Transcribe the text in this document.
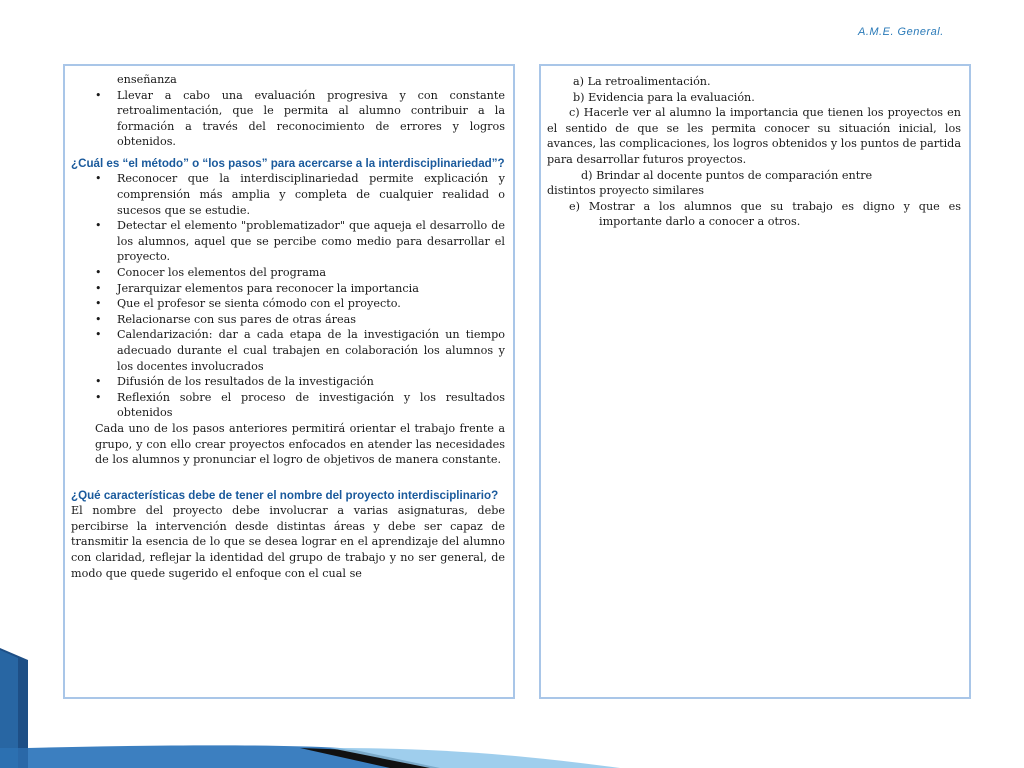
A.M.E. General.

enseñanza

• Llevar a cabo una evaluación progresiva y con constante retroalimentación, que le permita al alumno contribuir a la formación a través del reconocimiento de errores y logros obtenidos.
¿Cuál es “el método” o “los pasos” para acercarse a la interdisciplinariedad”?
• Reconocer que la interdisciplinariedad permite explicación y comprensión más amplia y completa de cualquier realidad o sucesos que se estudie.
• Detectar el elemento "problematizador" que aqueja el desarrollo de los alumnos, aquel que se percibe como medio para desarrollar el proyecto.
• Conocer los elementos del programa
• Jerarquizar elementos para reconocer la importancia
• Que el profesor se sienta cómodo con el proyecto.
• Relacionarse con sus pares de otras áreas
• Calendarización: dar a cada etapa de la investigación un tiempo adecuado durante el cual trabajen en colaboración los alumnos y los docentes involucrados
• Difusión de los resultados de la investigación
• Reflexión sobre el proceso de investigación y los resultados obtenidos

Cada uno de los pasos anteriores permitirá orientar el trabajo frente a grupo, y con ello crear proyectos enfocados en atender las necesidades de los alumnos y pronunciar el logro de objetivos de manera constante.

¿Qué características debe de tener el nombre del proyecto interdisciplinario?

El nombre del proyecto debe involucrar a varias asignaturas, debe percibirse la intervención desde distintas áreas y debe ser capaz de transmitir la esencia de lo que se desea lograr en el aprendizaje del alumno con claridad, reflejar la identidad del grupo de trabajo y no ser general, de modo que quede sugerido el enfoque con el cual se

a) La retroalimentación.

b) Evidencia para la evaluación.

c) Hacerle ver al alumno la importancia que tienen los proyectos en el sentido de que se les permita conocer su situación inicial, los avances, las complicaciones, los logros obtenidos y los puntos de partida para desarrollar futuros proyectos.

d) Brindar al docente puntos de comparación entre

distintos proyecto similares

e) Mostrar a los alumnos que su trabajo es digno y que es importante darlo a conocer a otros.
